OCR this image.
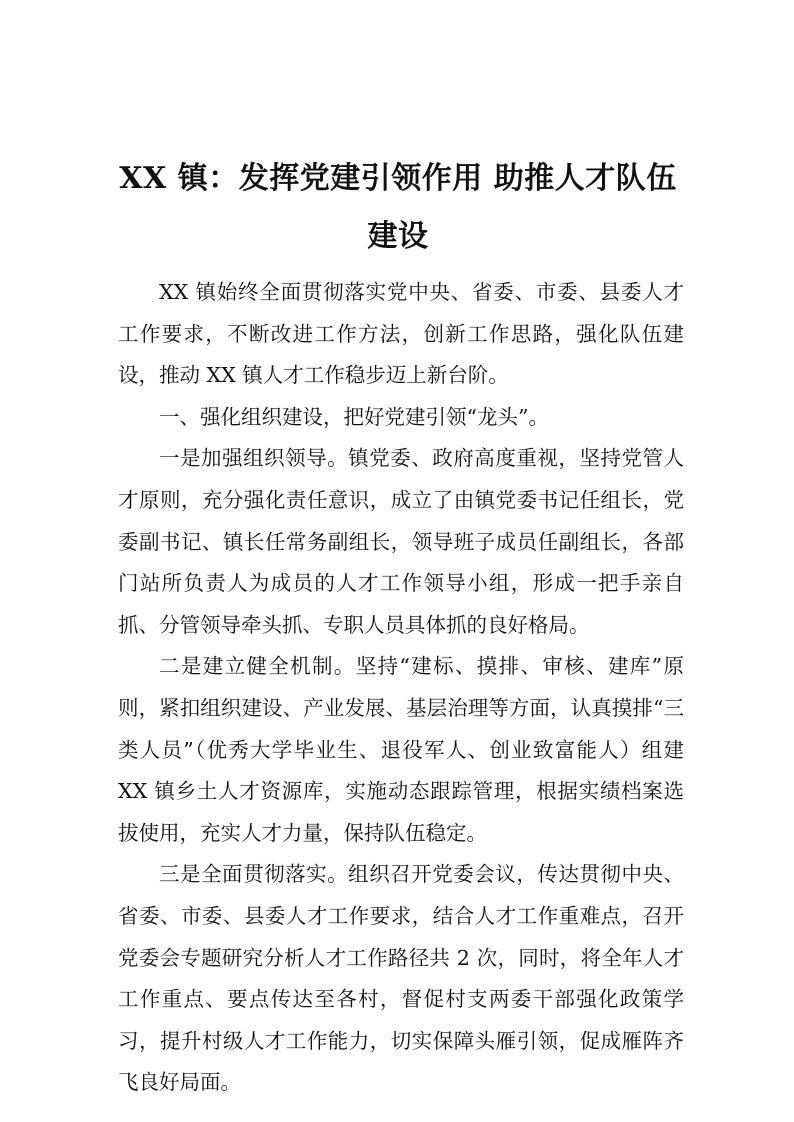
XX 镇：发挥党建引领作用 助推人才队伍建设

XX 镇始终全面贯彻落实党中央、省委、市委、县委人才工作要求，不断改进工作方法，创新工作思路，强化队伍建设，推动 XX 镇人才工作稳步迈上新台阶。

一、强化组织建设，把好党建引领“龙头”。

一是加强组织领导。镇党委、政府高度重视，坚持党管人才原则，充分强化责任意识，成立了由镇党委书记任组长，党委副书记、镇长任常务副组长，领导班子成员任副组长，各部门站所负责人为成员的人才工作领导小组，形成一把手亲自抓、分管领导牵头抓、专职人员具体抓的良好格局。

二是建立健全机制。坚持“建标、摸排、审核、建库”原则，紧扣组织建设、产业发展、基层治理等方面，认真摸排“三类人员”（优秀大学毕业生、退役军人、创业致富能人）组建 XX 镇乡土人才资源库，实施动态跟踪管理，根据实绩档案选拔使用，充实人才力量，保持队伍稳定。

三是全面贯彻落实。组织召开党委会议，传达贯彻中央、省委、市委、县委人才工作要求，结合人才工作重难点，召开党委会专题研究分析人才工作路径共 2 次，同时，将全年人才工作重点、要点传达至各村，督促村支两委干部强化政策学习，提升村级人才工作能力，切实保障头雁引领，促成雁阵齐飞良好局面。
